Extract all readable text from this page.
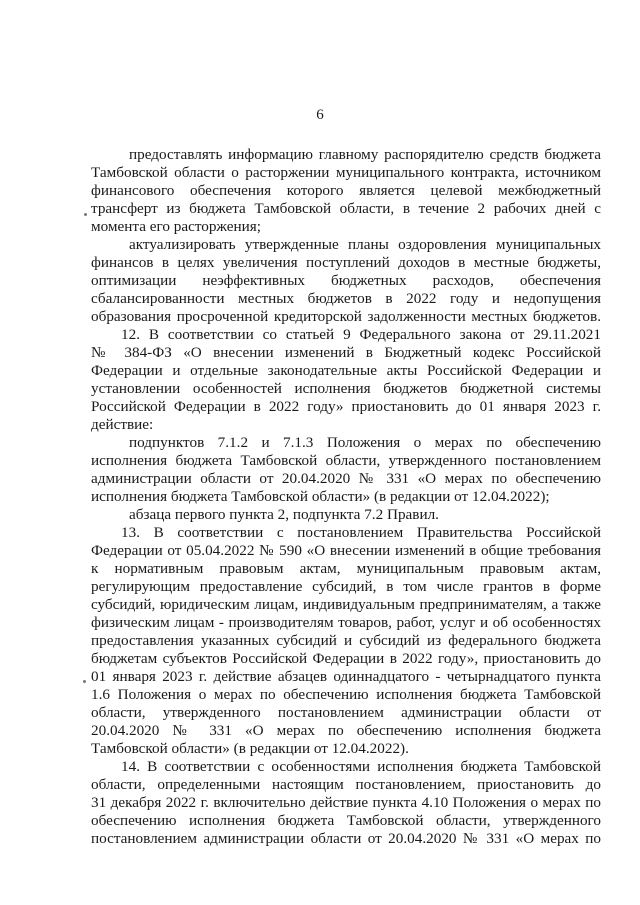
6
предоставлять информацию главному распорядителю средств бюджета
Тамбовской области о расторжении муниципального контракта, источником
финансового обеспечения которого является целевой межбюджетный
трансферт из бюджета Тамбовской области, в течение 2 рабочих дней с
момента его расторжения;
актуализировать утвержденные планы оздоровления муниципальных
финансов в целях увеличения поступлений доходов в местные бюджеты,
оптимизации неэффективных бюджетных расходов, обеспечения
сбалансированности местных бюджетов в 2022 году и недопущения
образования просроченной кредиторской задолженности местных бюджетов.
12. В соответствии со статьей 9 Федерального закона от 29.11.2021
№ 384-ФЗ «О внесении изменений в Бюджетный кодекс Российской
Федерации и отдельные законодательные акты Российской Федерации и
установлении особенностей исполнения бюджетов бюджетной системы
Российской Федерации в 2022 году» приостановить до 01 января 2023 г.
действие:
подпунктов 7.1.2 и 7.1.3 Положения о мерах по обеспечению
исполнения бюджета Тамбовской области, утвержденного постановлением
администрации области от 20.04.2020 № 331 «О мерах по обеспечению
исполнения бюджета Тамбовской области» (в редакции от 12.04.2022);
абзаца первого пункта 2, подпункта 7.2 Правил.
13. В соответствии с постановлением Правительства Российской
Федерации от 05.04.2022 № 590 «О внесении изменений в общие требования
к нормативным правовым актам, муниципальным правовым актам,
регулирующим предоставление субсидий, в том числе грантов в форме
субсидий, юридическим лицам, индивидуальным предпринимателям, а также
физическим лицам - производителям товаров, работ, услуг и об особенностях
предоставления указанных субсидий и субсидий из федерального бюджета
бюджетам субъектов Российской Федерации в 2022 году», приостановить до
01 января 2023 г. действие абзацев одиннадцатого - четырнадцатого пункта
1.6 Положения о мерах по обеспечению исполнения бюджета Тамбовской
области, утвержденного постановлением администрации области от
20.04.2020 № 331 «О мерах по обеспечению исполнения бюджета
Тамбовской области» (в редакции от 12.04.2022).
14. В соответствии с особенностями исполнения бюджета Тамбовской
области, определенными настоящим постановлением, приостановить до
31 декабря 2022 г. включительно действие пункта 4.10 Положения о мерах по
обеспечению исполнения бюджета Тамбовской области, утвержденного
постановлением администрации области от 20.04.2020 № 331 «О мерах по
